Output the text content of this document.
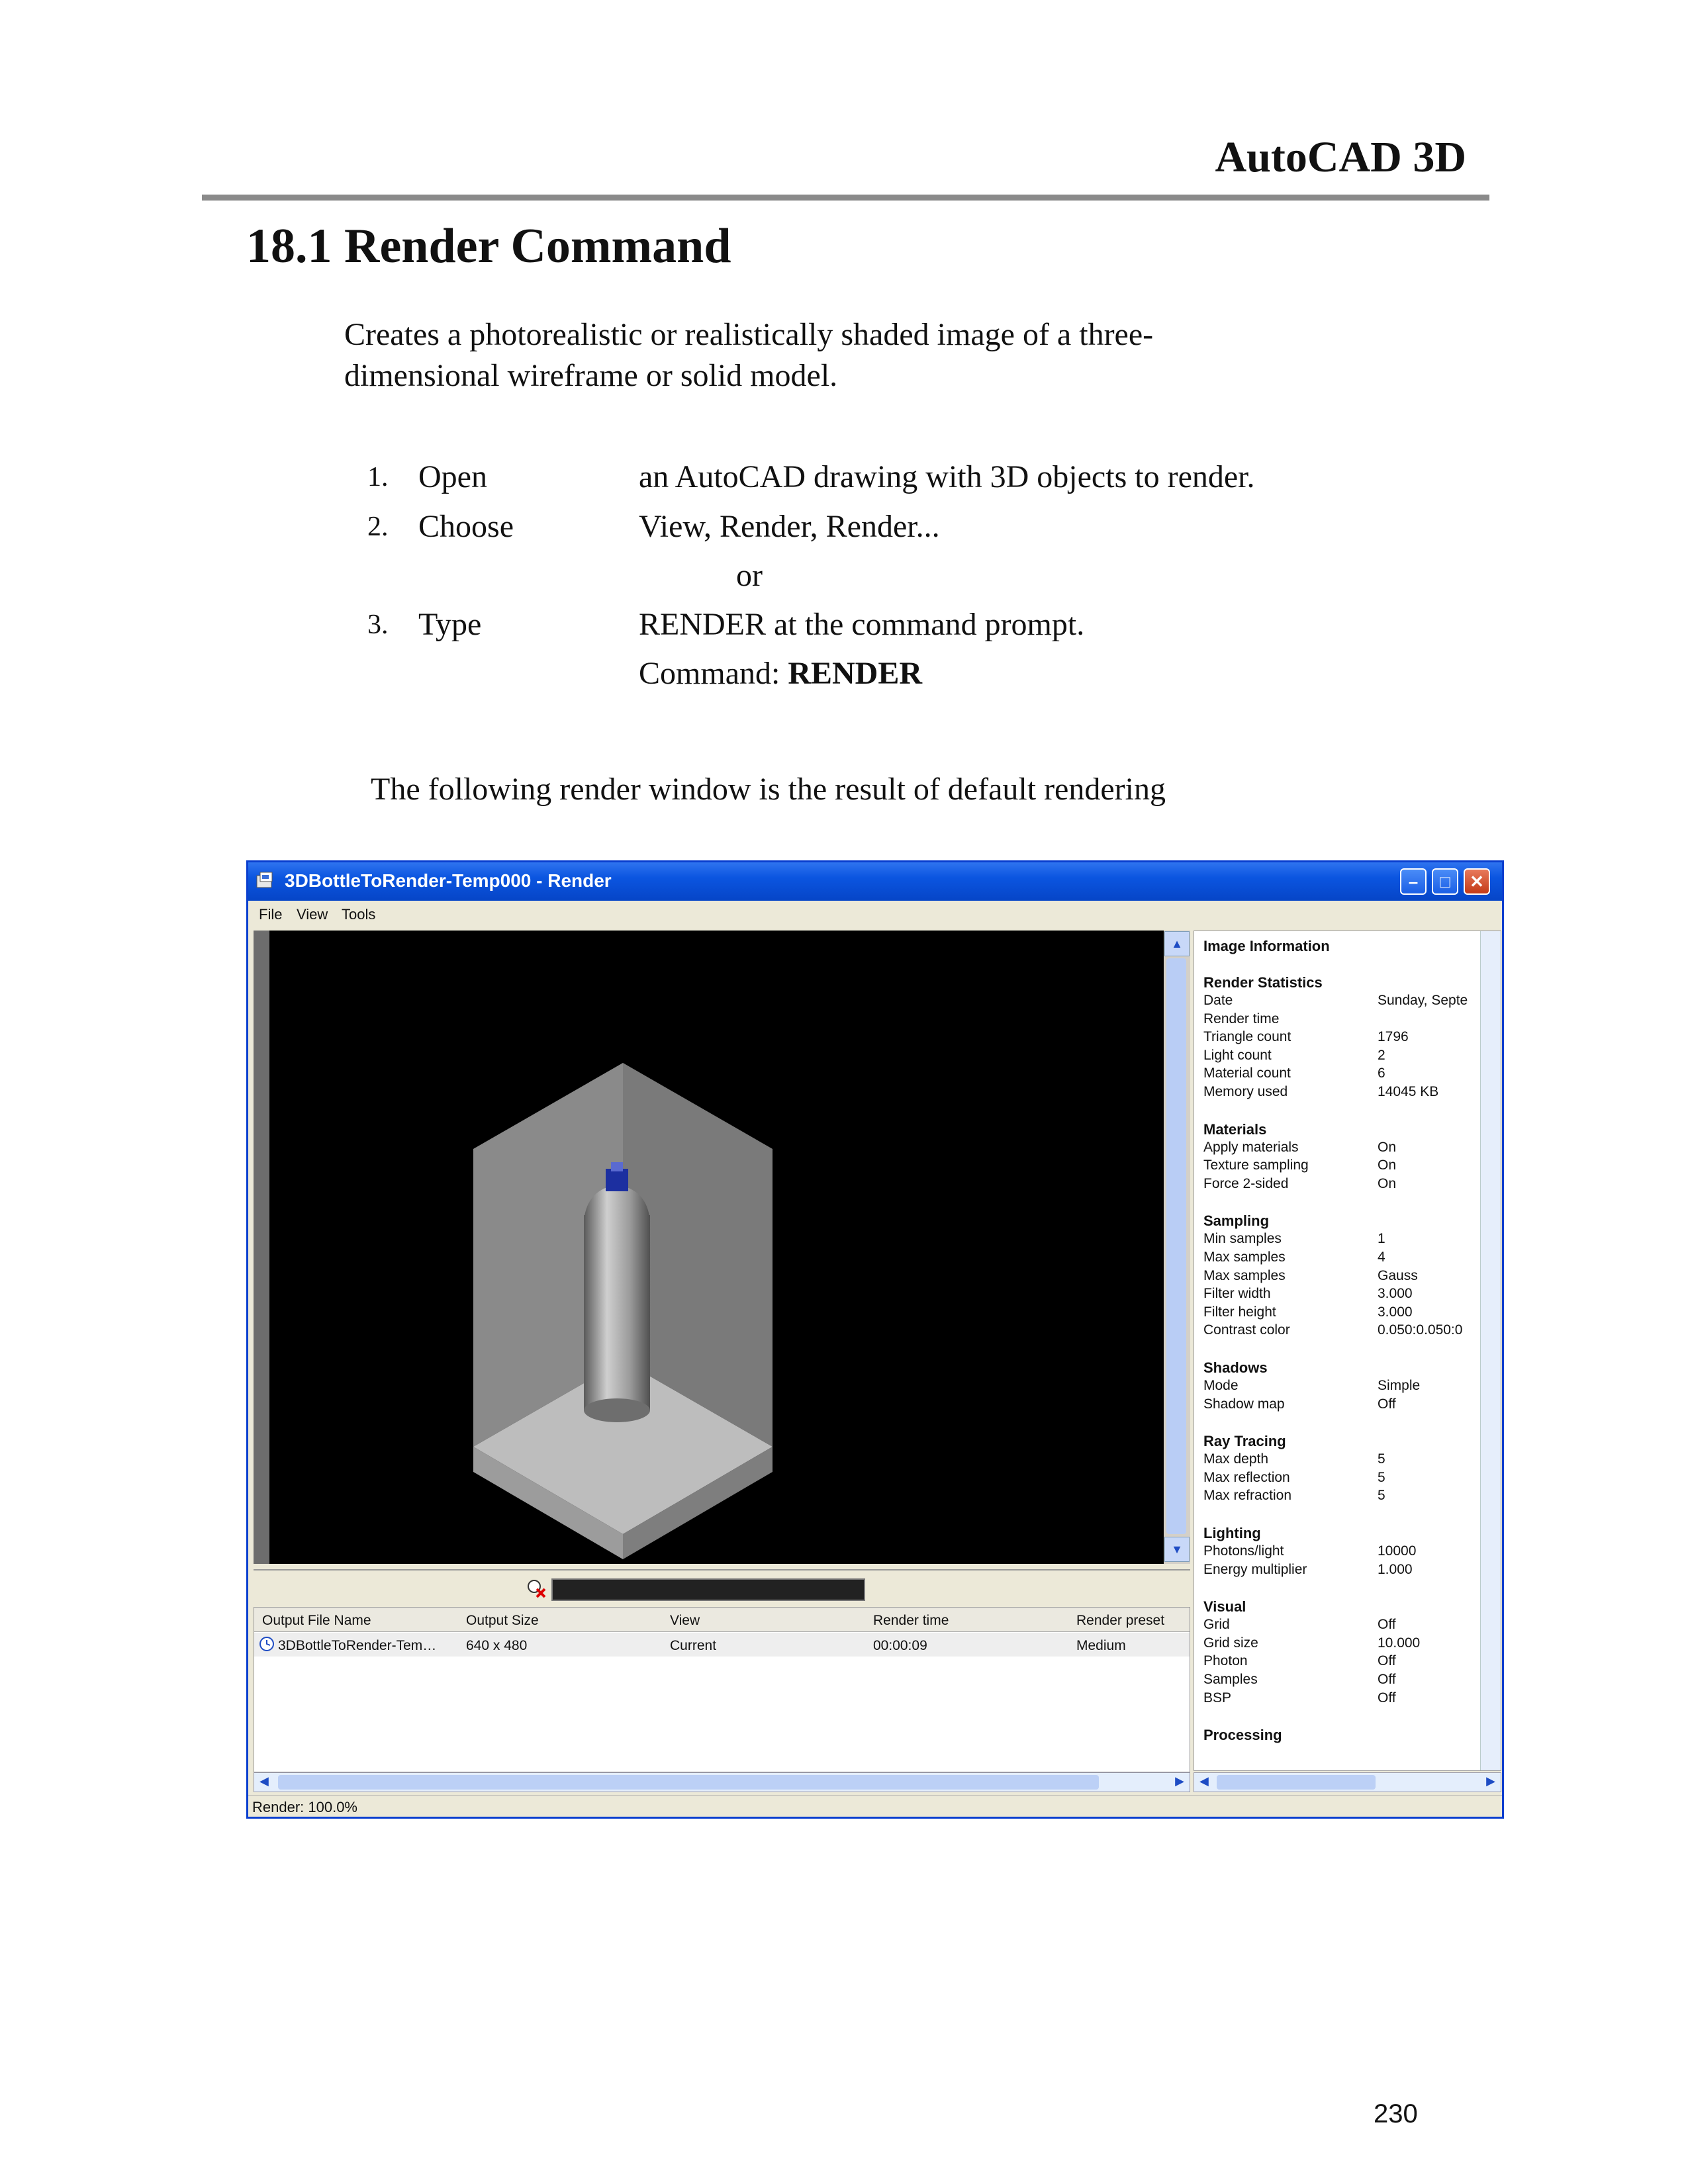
AutoCAD 3D
18.1 Render Command
Creates a photorealistic or realistically shaded image of a three-dimensional wireframe or solid model.
1. Open	an AutoCAD drawing with 3D objects to render.
2. Choose	View, Render, Render...
or
3. Type	RENDER at the command prompt.
Command: RENDER
The following render window is the result of default rendering
3DBottleToRender-Temp000 - Render	–	□	✕
File View Tools
▲
▼
Output File Name	Output Size	View	Render time	Render preset
3DBottleToRender-Tem… 640 x 480	Current	00:00:09	Medium
◀	▶
Image Information
Render Statistics
Date	Sunday, Septe
Render time
Triangle count	1796
Light count	2
Material count	6
Memory used	14045 KB
Materials
Apply materials	On
Texture sampling	On
Force 2-sided	On
Sampling
Min samples	1
Max samples	4
Max samples	Gauss
Filter width	3.000
Filter height	3.000
Contrast color	0.050:0.050:0
Shadows
Mode	Simple
Shadow map	Off
Ray Tracing
Max depth	5
Max reflection	5
Max refraction	5
Lighting
Photons/light	10000
Energy multiplier	1.000
Visual
Grid	Off
Grid size	10.000
Photon	Off
Samples	Off
BSP	Off
Processing
◀	▶
Render: 100.0%
230
